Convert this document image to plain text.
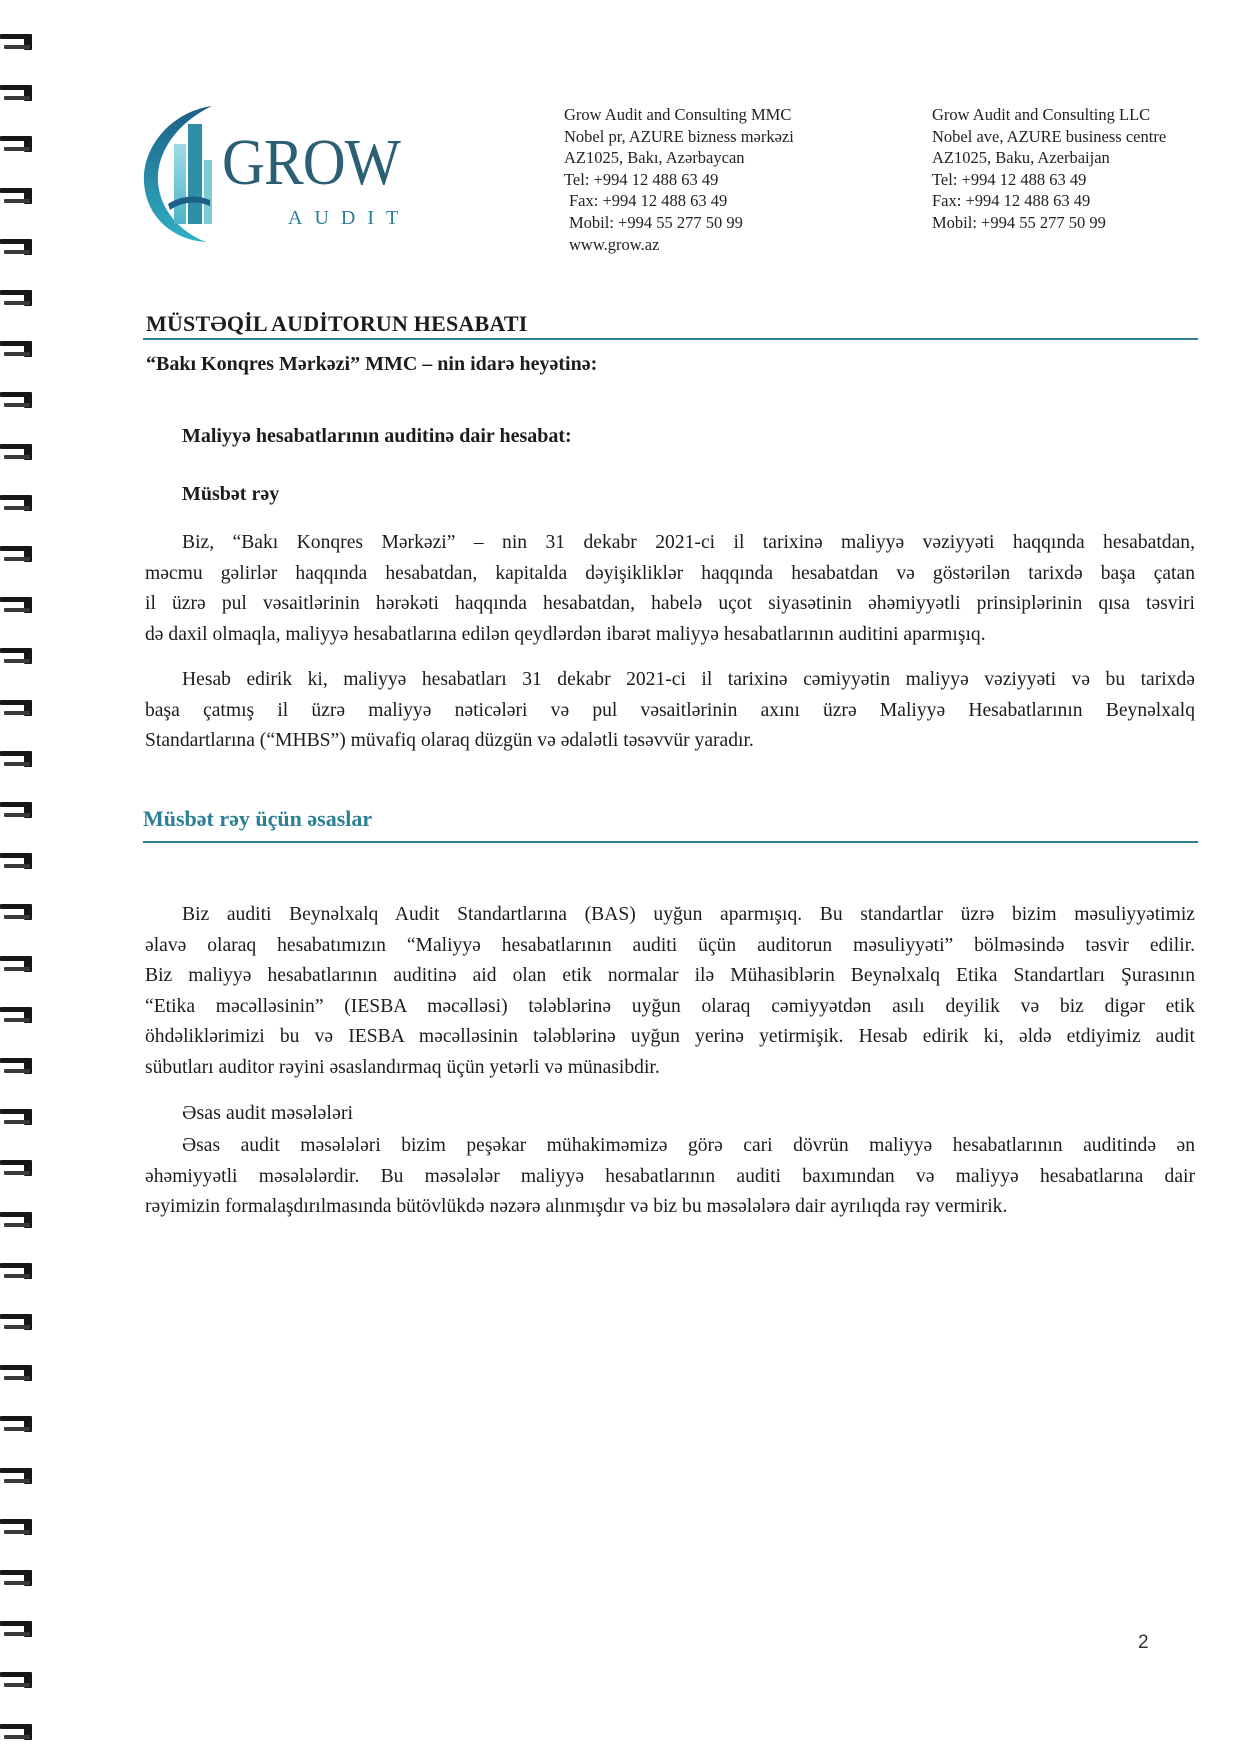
GROW
AUDIT
Grow Audit and Consulting MMC
Nobel pr, AZURE bizness mərkəzi
AZ1025, Bakı, Azərbaycan
Tel: +994 12 488 63 49
Fax: +994 12 488 63 49
Mobil: +994 55 277 50 99
www.grow.az
Grow Audit and Consulting LLC
Nobel ave, AZURE business centre
AZ1025, Baku, Azerbaijan
Tel: +994 12 488 63 49
Fax: +994 12 488 63 49
Mobil: +994 55 277 50 99
MÜSTƏQİL AUDİTORUN HESABATI
“Bakı Konqres Mərkəzi” MMC – nin idarə heyətinə:
Maliyyə hesabatlarının auditinə dair hesabat:
Müsbət rəy
Biz, “Bakı Konqres Mərkəzi” – nin 31 dekabr 2021-ci il tarixinə maliyyə vəziyyəti haqqında hesabatdan,
məcmu gəlirlər haqqında hesabatdan, kapitalda dəyişikliklər haqqında hesabatdan və göstərilən tarixdə başa çatan
il üzrə pul vəsaitlərinin hərəkəti haqqında hesabatdan, habelə uçot siyasətinin əhəmiyyətli prinsiplərinin qısa təsviri
də daxil olmaqla, maliyyə hesabatlarına edilən qeydlərdən ibarət maliyyə hesabatlarının auditini aparmışıq.
Hesab edirik ki, maliyyə hesabatları 31 dekabr 2021-ci il tarixinə cəmiyyətin maliyyə vəziyyəti və bu tarixdə
başa çatmış il üzrə maliyyə nəticələri və pul vəsaitlərinin axını üzrə Maliyyə Hesabatlarının Beynəlxalq
Standartlarına (“MHBS”) müvafiq olaraq düzgün və ədalətli təsəvvür yaradır.
Müsbət rəy üçün əsaslar
Biz auditi Beynəlxalq Audit Standartlarına (BAS) uyğun aparmışıq. Bu standartlar üzrə bizim məsuliyyətimiz
əlavə olaraq hesabatımızın “Maliyyə hesabatlarının auditi üçün auditorun məsuliyyəti” bölməsində təsvir edilir.
Biz maliyyə hesabatlarının auditinə aid olan etik normalar ilə Mühasiblərin Beynəlxalq Etika Standartları Şurasının
“Etika məcəlləsinin” (IESBA məcəlləsi) tələblərinə uyğun olaraq cəmiyyətdən asılı deyilik və biz digər etik
öhdəliklərimizi bu və IESBA məcəlləsinin tələblərinə uyğun yerinə yetirmişik. Hesab edirik ki, əldə etdiyimiz audit
sübutları auditor rəyini əsaslandırmaq üçün yetərli və münasibdir.
Əsas audit məsələləri
Əsas audit məsələləri bizim peşəkar mühakiməmizə görə cari dövrün maliyyə hesabatlarının auditində ən
əhəmiyyətli məsələlərdir. Bu məsələlər maliyyə hesabatlarının auditi baxımından və maliyyə hesabatlarına dair
rəyimizin formalaşdırılmasında bütövlükdə nəzərə alınmışdır və biz bu məsələlərə dair ayrılıqda rəy vermirik.
2
